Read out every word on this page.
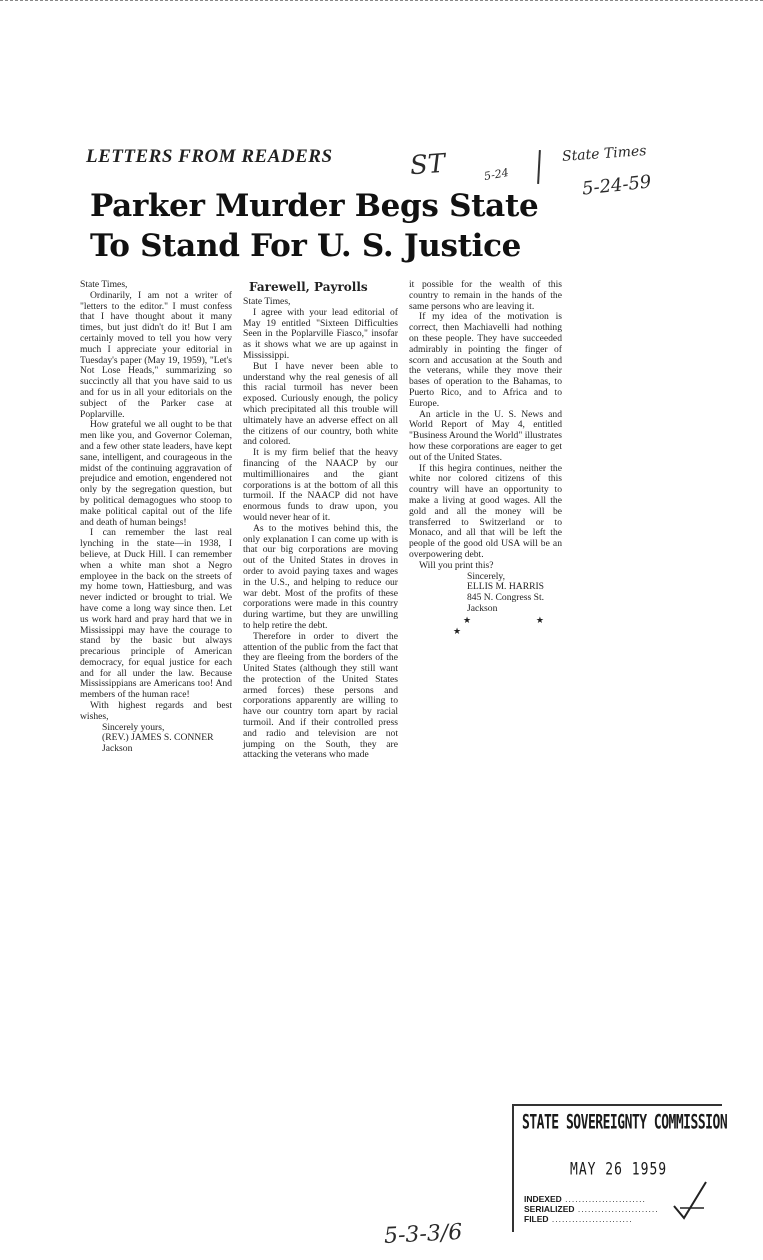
LETTERS FROM READERS
Parker Murder Begs State
To Stand For U. S. Justice
ST	5-24
State Times
5-24-59

State Times,

Ordinarily, I am not a writer of "letters to the editor." I must confess that I have thought about it many times, but just didn't do it! But I am certainly moved to tell you how very much I appreciate your editorial in Tuesday's paper (May 19, 1959), "Let's Not Lose Heads," summarizing so succinctly all that you have said to us and for us in all your editorials on the subject of the Parker case at Poplarville.

How grateful we all ought to be that men like you, and Governor Coleman, and a few other state leaders, have kept sane, intelligent, and courageous in the midst of the continuing aggravation of prejudice and emotion, engendered not only by the segregation question, but by political demagogues who stoop to make political capital out of the life and death of human beings!

I can remember the last real lynching in the state—in 1938, I believe, at Duck Hill. I can remember when a white man shot a Negro employee in the back on the streets of my home town, Hattiesburg, and was never indicted or brought to trial. We have come a long way since then. Let us work hard and pray hard that we in Mississippi may have the courage to stand by the basic but always precarious principle of American democracy, for equal justice for each and for all under the law. Because Mississippians are Americans too! And members of the human race!

With highest regards and best wishes,

Sincerely yours,

(REV.) JAMES S. CONNER

Jackson

Farewell, Payrolls

State Times,

I agree with your lead editorial of May 19 entitled "Sixteen Difficulties Seen in the Poplarville Fiasco," insofar as it shows what we are up against in Mississippi.

But I have never been able to understand why the real genesis of all this racial turmoil has never been exposed. Curiously enough, the policy which precipitated all this trouble will ultimately have an adverse effect on all the citizens of our country, both white and colored.

It is my firm belief that the heavy financing of the NAACP by our multimillionaires and the giant corporations is at the bottom of all this turmoil. If the NAACP did not have enormous funds to draw upon, you would never hear of it.

As to the motives behind this, the only explanation I can come up with is that our big corporations are moving out of the United States in droves in order to avoid paying taxes and wages in the U.S., and helping to reduce our war debt. Most of the profits of these corporations were made in this country during wartime, but they are unwilling to help retire the debt.

Therefore in order to divert the attention of the public from the fact that they are fleeing from the borders of the United States (although they still want the protection of the United States armed forces) these persons and corporations apparently are willing to have our country torn apart by racial turmoil. And if their controlled press and radio and television are not jumping on the South, they are attacking the veterans who made

it possible for the wealth of this country to remain in the hands of the same persons who are leaving it.

If my idea of the motivation is correct, then Machiavelli had nothing on these people. They have succeeded admirably in pointing the finger of scorn and accusation at the South and the veterans, while they move their bases of operation to the Bahamas, to Puerto Rico, and to Africa and to Europe.

An article in the U. S. News and World Report of May 4, entitled "Business Around the World" illustrates how these corporations are eager to get out of the United States.

If this hegira continues, neither the white nor colored citizens of this country will have an opportunity to make a living at good wages. All the gold and all the money will be transferred to Switzerland or to Monaco, and all that will be left the people of the good old USA will be an overpowering debt.

Will you print this?

Sincerely,

ELLIS M. HARRIS

845 N. Congress St.

Jackson

★ ★ ★

STATE SOVEREIGNTY COMMISSION
MAY 26 1959
INDEXED .....
SERIALIZED .....
FILED .....
5-3-3/6
